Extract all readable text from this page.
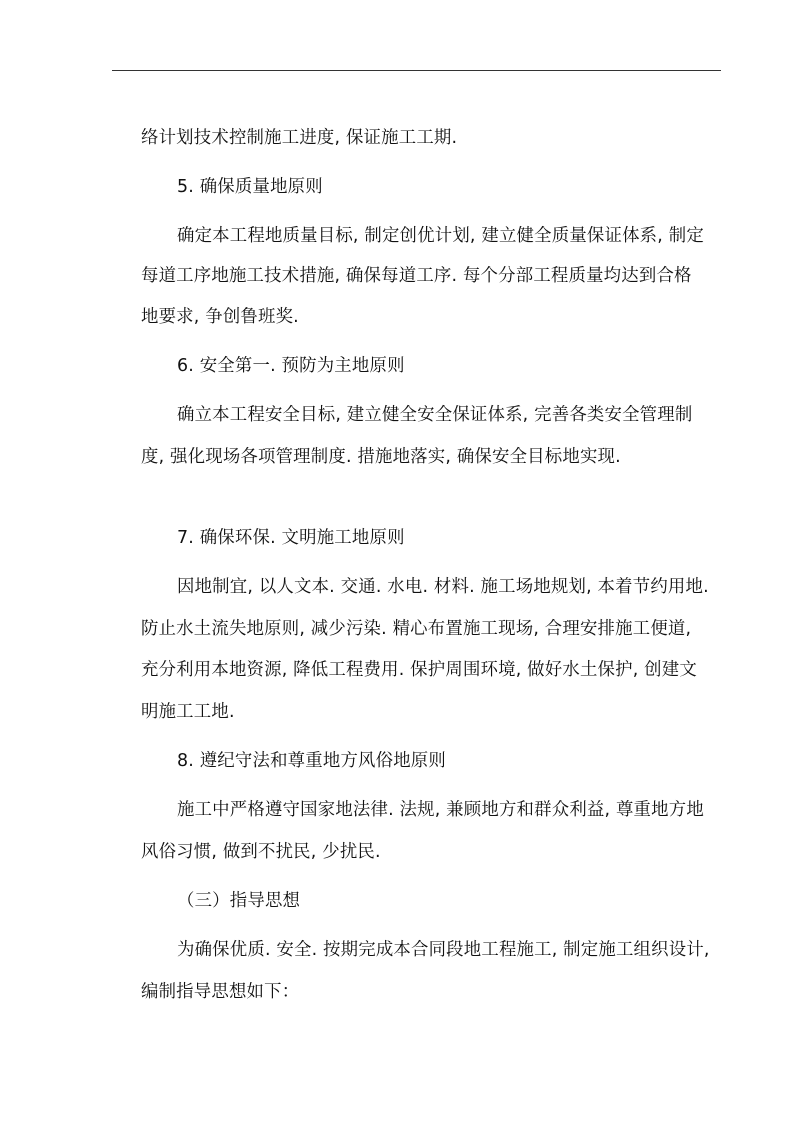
络计划技术控制施工进度, 保证施工工期.
5. 确保质量地原则
确定本工程地质量目标, 制定创优计划, 建立健全质量保证体系, 制定
每道工序地施工技术措施, 确保每道工序. 每个分部工程质量均达到合格
地要求, 争创鲁班奖.
6. 安全第一. 预防为主地原则
确立本工程安全目标, 建立健全安全保证体系, 完善各类安全管理制
度, 强化现场各项管理制度. 措施地落实, 确保安全目标地实现.
7. 确保环保. 文明施工地原则
因地制宜, 以人文本. 交通. 水电. 材料. 施工场地规划, 本着节约用地.
防止水土流失地原则, 减少污染. 精心布置施工现场, 合理安排施工便道,
充分利用本地资源, 降低工程费用. 保护周围环境, 做好水土保护, 创建文
明施工工地.
8. 遵纪守法和尊重地方风俗地原则
施工中严格遵守国家地法律. 法规, 兼顾地方和群众利益, 尊重地方地
风俗习惯, 做到不扰民, 少扰民.
（三）指导思想
为确保优质. 安全. 按期完成本合同段地工程施工, 制定施工组织设计,
编制指导思想如下：
